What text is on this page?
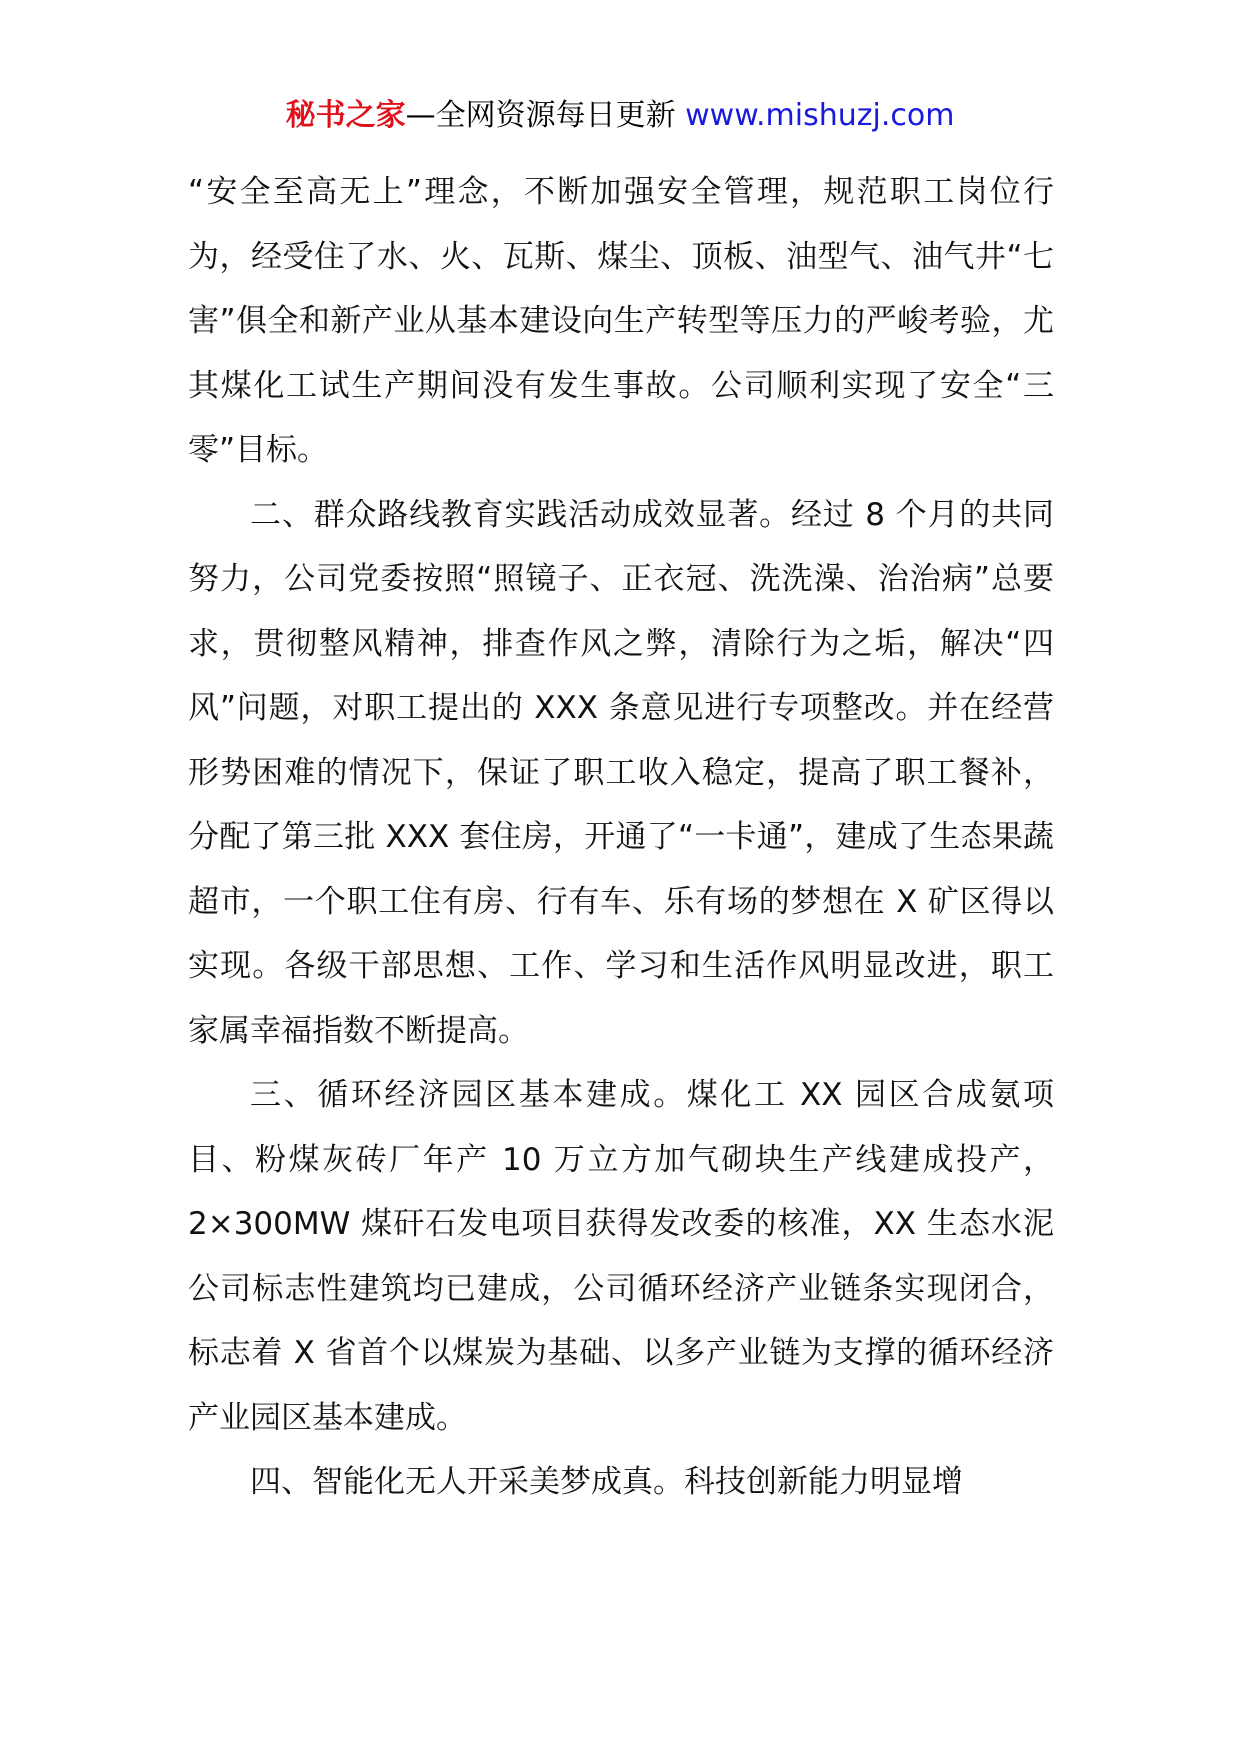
秘书之家—全网资源每日更新 www.mishuzj.com

“安全至高无上”理念，不断加强安全管理，规范职工岗位行为，经受住了水、火、瓦斯、煤尘、顶板、油型气、油气井“七害”俱全和新产业从基本建设向生产转型等压力的严峻考验，尤其煤化工试生产期间没有发生事故。公司顺利实现了安全“三零”目标。

二、群众路线教育实践活动成效显著。经过 8 个月的共同努力，公司党委按照“照镜子、正衣冠、洗洗澡、治治病”总要求，贯彻整风精神，排查作风之弊，清除行为之垢，解决“四风”问题，对职工提出的 XXX 条意见进行专项整改。并在经营形势困难的情况下，保证了职工收入稳定，提高了职工餐补，分配了第三批 XXX 套住房，开通了“一卡通”，建成了生态果蔬超市，一个职工住有房、行有车、乐有场的梦想在 X 矿区得以实现。各级干部思想、工作、学习和生活作风明显改进，职工家属幸福指数不断提高。

三、循环经济园区基本建成。煤化工 XX 园区合成氨项目、粉煤灰砖厂年产 10 万立方加气砌块生产线建成投产，2×300MW 煤矸石发电项目获得发改委的核准，XX 生态水泥公司标志性建筑均已建成，公司循环经济产业链条实现闭合，标志着 X 省首个以煤炭为基础、以多产业链为支撑的循环经济产业园区基本建成。

四、智能化无人开采美梦成真。科技创新能力明显增
